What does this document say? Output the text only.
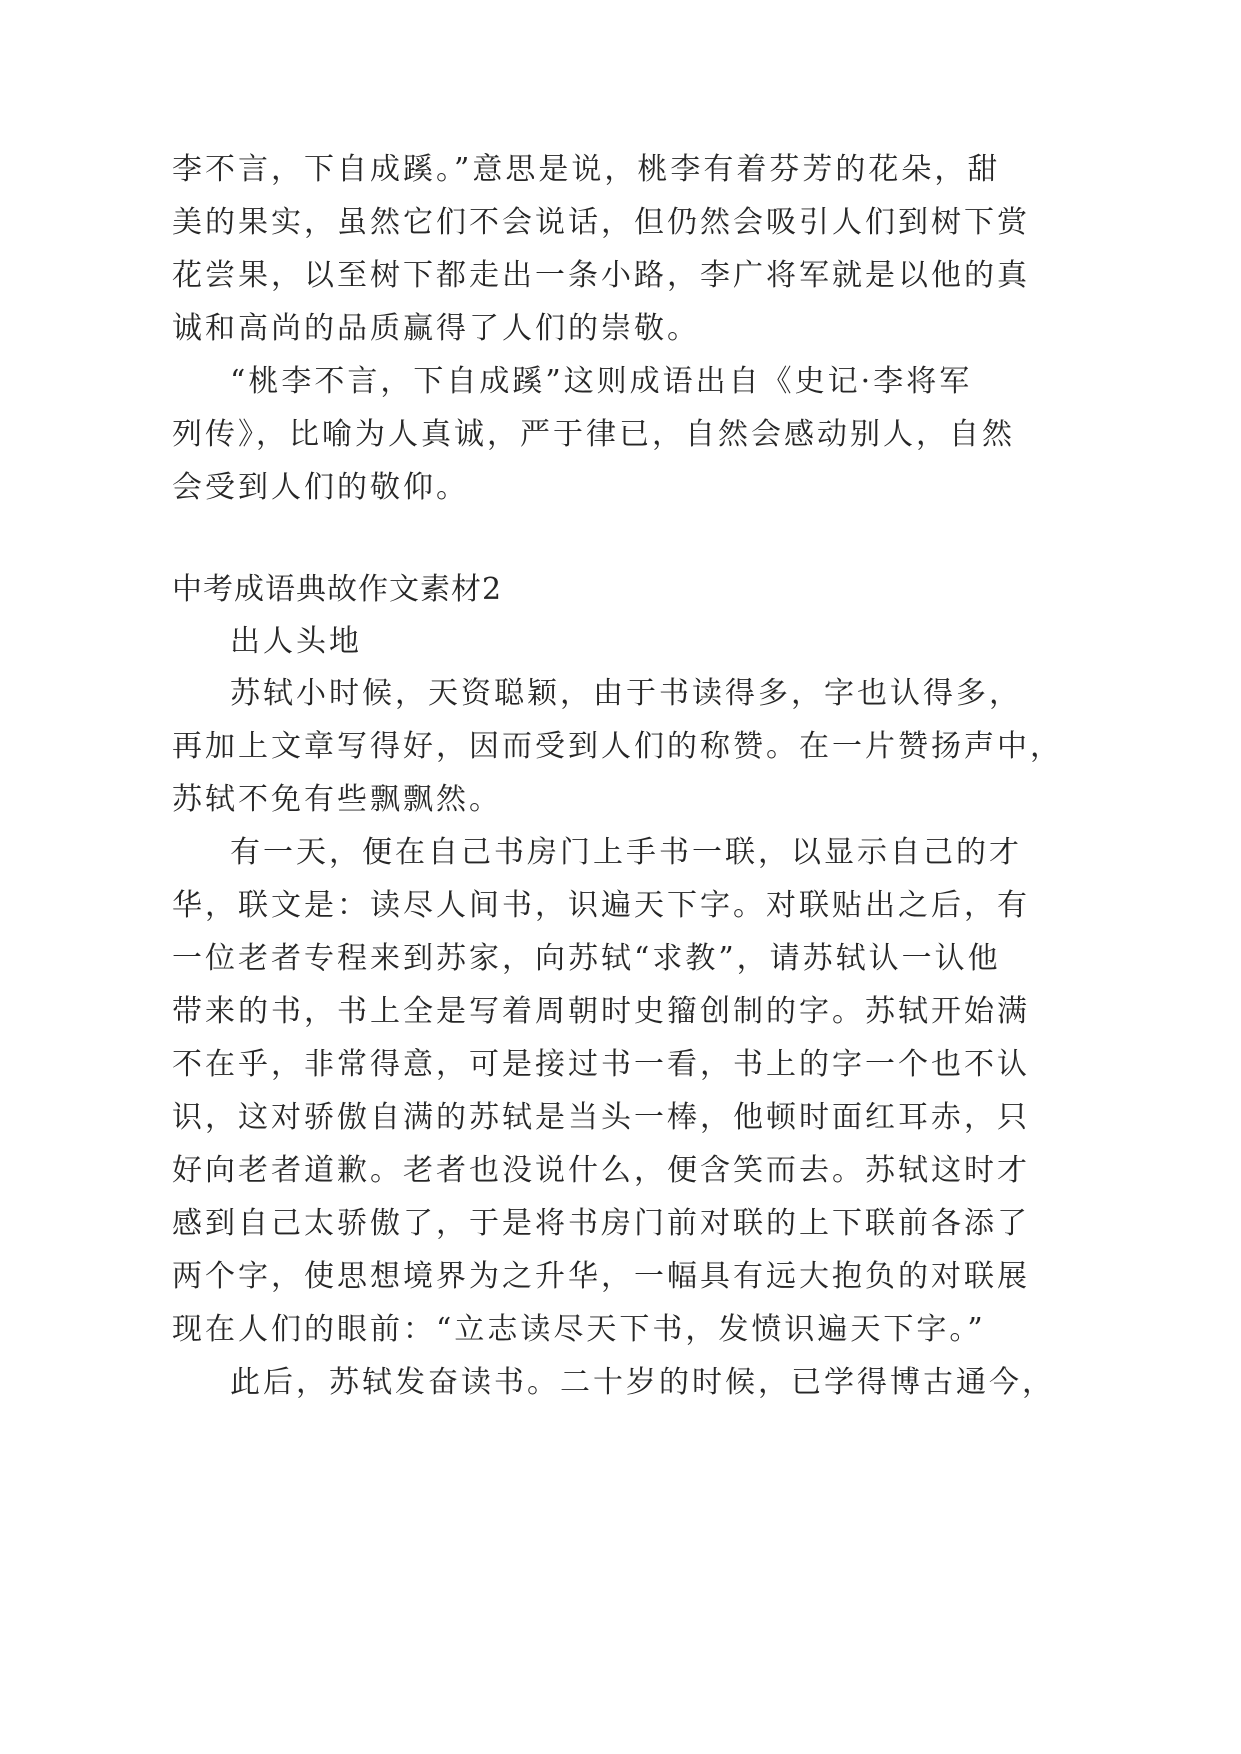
李不言，下自成蹊。”意思是说，桃李有着芬芳的花朵，甜
美的果实，虽然它们不会说话，但仍然会吸引人们到树下赏
花尝果，以至树下都走出一条小路，李广将军就是以他的真
诚和高尚的品质赢得了人们的崇敬。
“桃李不言，下自成蹊”这则成语出自《史记·李将军
列传》，比喻为人真诚，严于律已，自然会感动别人，自然
会受到人们的敬仰。
中考成语典故作文素材2
出人头地
苏轼小时候，天资聪颖，由于书读得多，字也认得多，
再加上文章写得好，因而受到人们的称赞。在一片赞扬声中，
苏轼不免有些飘飘然。
有一天，便在自己书房门上手书一联，以显示自己的才
华，联文是：读尽人间书，识遍天下字。对联贴出之后，有
一位老者专程来到苏家，向苏轼“求教”，请苏轼认一认他
带来的书，书上全是写着周朝时史籀创制的字。苏轼开始满
不在乎，非常得意，可是接过书一看，书上的字一个也不认
识，这对骄傲自满的苏轼是当头一棒，他顿时面红耳赤，只
好向老者道歉。老者也没说什么，便含笑而去。苏轼这时才
感到自己太骄傲了，于是将书房门前对联的上下联前各添了
两个字，使思想境界为之升华，一幅具有远大抱负的对联展
现在人们的眼前：“立志读尽天下书，发愤识遍天下字。”
此后，苏轼发奋读书。二十岁的时候，已学得博古通今，
